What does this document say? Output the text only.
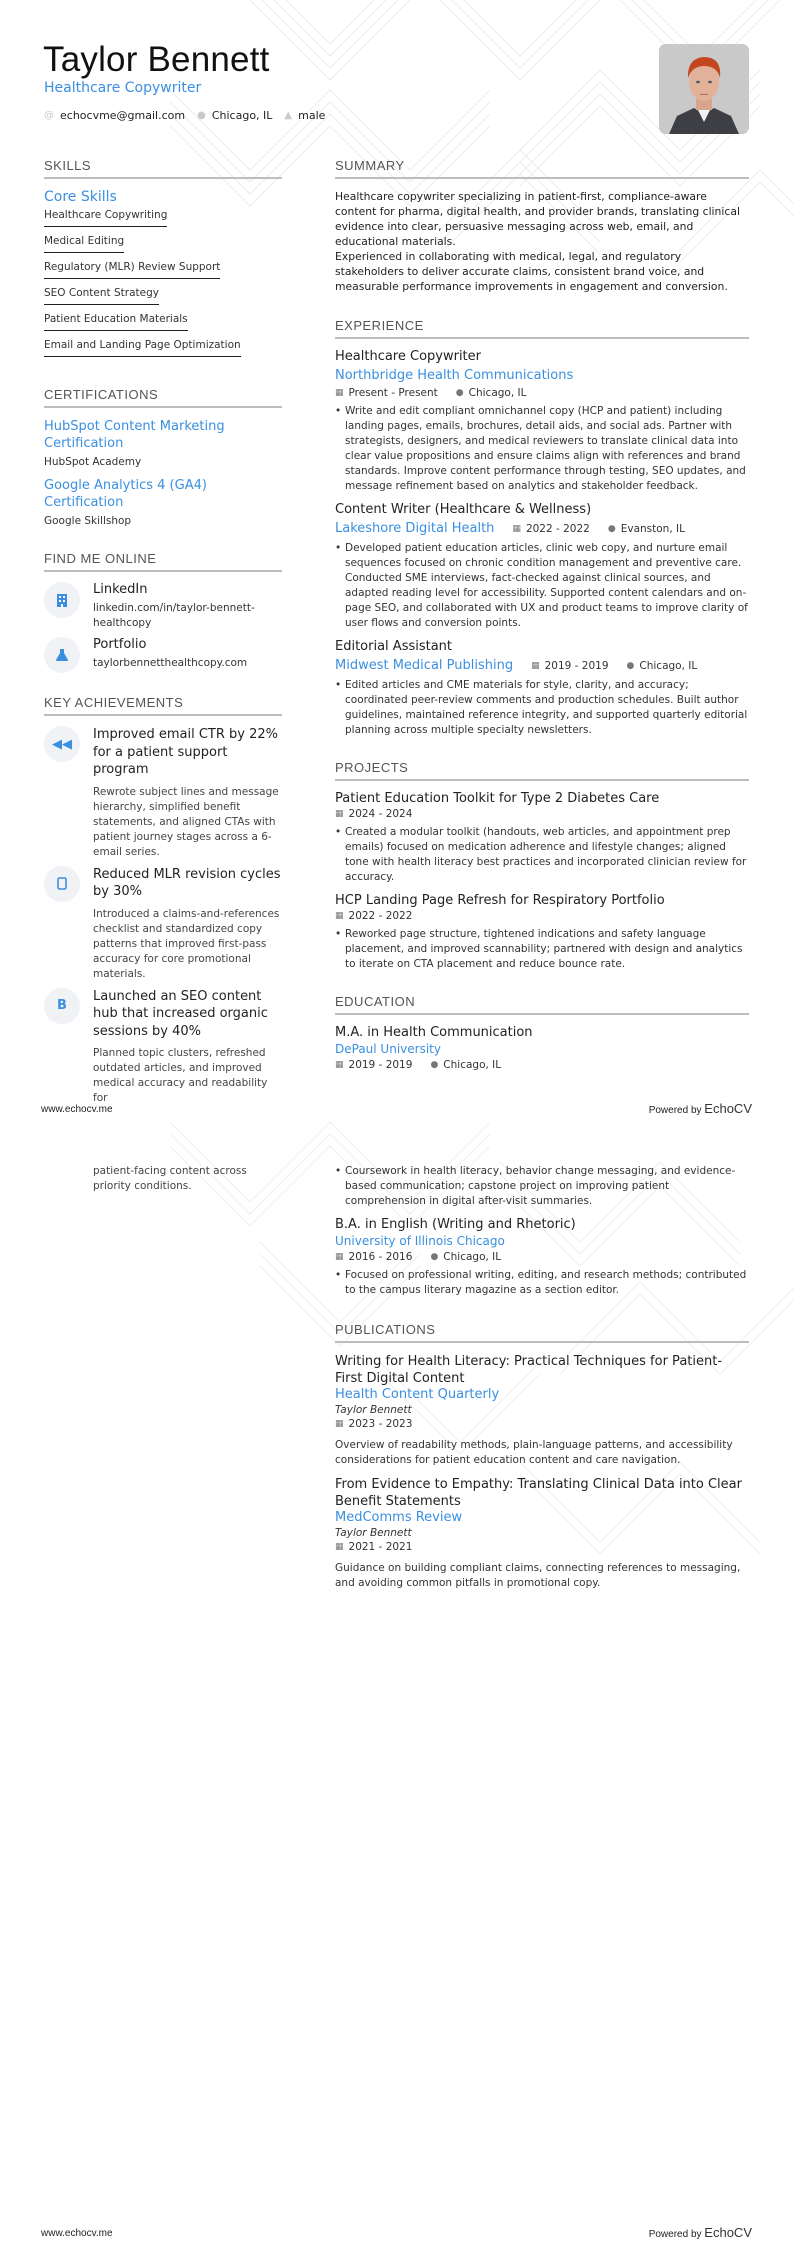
Taylor Bennett
Healthcare Copywriter
@ echocvme@gmail.com ● Chicago, IL ▲ male
SKILLS
Core Skills
Healthcare Copywriting
Medical Editing
Regulatory (MLR) Review Support
SEO Content Strategy
Patient Education Materials
Email and Landing Page Optimization
CERTIFICATIONS
HubSpot Content Marketing Certification
HubSpot Academy
Google Analytics 4 (GA4) Certification
Google Skillshop
FIND ME ONLINE
LinkedIn
linkedin.com/in/taylor-bennett-healthcopy
Portfolio
taylorbennetthealthcopy.com
KEY ACHIEVEMENTS
◀◀
Improved email CTR by 22% for a patient support program
Rewrote subject lines and message hierarchy, simplified benefit statements, and aligned CTAs with patient journey stages across a 6-email series.
Reduced MLR revision cycles by 30%
Introduced a claims-and-references checklist and standardized copy patterns that improved first-pass accuracy for core promotional materials.
B
Launched an SEO content hub that increased organic sessions by 40%
Planned topic clusters, refreshed outdated articles, and improved medical accuracy and readability for
SUMMARY

Healthcare copywriter specializing in patient-first, compliance-aware content for pharma, digital health, and provider brands, translating clinical evidence into clear, persuasive messaging across web, email, and educational materials.

Experienced in collaborating with medical, legal, and regulatory stakeholders to deliver accurate claims, consistent brand voice, and measurable performance improvements in engagement and conversion.

EXPERIENCE
Healthcare Copywriter
Northbridge Health Communications
▦ Present - Present ● Chicago, IL
• Write and edit compliant omnichannel copy (HCP and patient) including landing pages, emails, brochures, detail aids, and social ads. Partner with strategists, designers, and medical reviewers to translate clinical data into clear value propositions and ensure claims align with references and brand standards. Improve content performance through testing, SEO updates, and message refinement based on analytics and stakeholder feedback.
Content Writer (Healthcare & Wellness)
Lakeshore Digital Health ▦ 2022 - 2022 ● Evanston, IL
• Developed patient education articles, clinic web copy, and nurture email sequences focused on chronic condition management and preventive care. Conducted SME interviews, fact-checked against clinical sources, and adapted reading level for accessibility. Supported content calendars and on-page SEO, and collaborated with UX and product teams to improve clarity of user flows and conversion points.
Editorial Assistant
Midwest Medical Publishing ▦ 2019 - 2019 ● Chicago, IL
• Edited articles and CME materials for style, clarity, and accuracy; coordinated peer-review comments and production schedules. Built author guidelines, maintained reference integrity, and supported quarterly editorial planning across multiple specialty newsletters.
PROJECTS
Patient Education Toolkit for Type 2 Diabetes Care
▦ 2024 - 2024
• Created a modular toolkit (handouts, web articles, and appointment prep emails) focused on medication adherence and lifestyle changes; aligned tone with health literacy best practices and incorporated clinician review for accuracy.
HCP Landing Page Refresh for Respiratory Portfolio
▦ 2022 - 2022
• Reworked page structure, tightened indications and safety language placement, and improved scannability; partnered with design and analytics to iterate on CTA placement and reduce bounce rate.
EDUCATION
M.A. in Health Communication
DePaul University
▦ 2019 - 2019 ● Chicago, IL
www.echocv.me	Powered by EchoCV
patient-facing content across priority conditions.
• Coursework in health literacy, behavior change messaging, and evidence-based communication; capstone project on improving patient comprehension in digital after-visit summaries.
B.A. in English (Writing and Rhetoric)
University of Illinois Chicago
▦ 2016 - 2016 ● Chicago, IL
• Focused on professional writing, editing, and research methods; contributed to the campus literary magazine as a section editor.
PUBLICATIONS
Writing for Health Literacy: Practical Techniques for Patient-First Digital Content
Health Content Quarterly
Taylor Bennett
▦ 2023 - 2023

Overview of readability methods, plain-language patterns, and accessibility considerations for patient education content and care navigation.

From Evidence to Empathy: Translating Clinical Data into Clear Benefit Statements
MedComms Review
Taylor Bennett
▦ 2021 - 2021

Guidance on building compliant claims, connecting references to messaging, and avoiding common pitfalls in promotional copy.

www.echocv.me	Powered by EchoCV
